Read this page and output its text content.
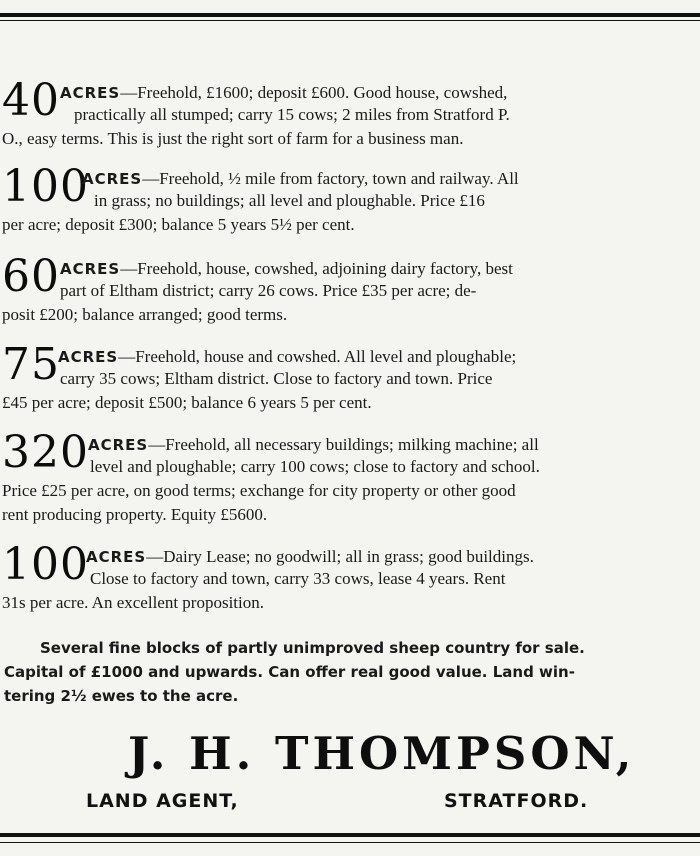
40 ACRES—Freehold, £1600; deposit £600. Good house, cowshed,
practically all stumped; carry 15 cows; 2 miles from Stratford P.
O., easy terms. This is just the right sort of farm for a business man.
100
ACRES—Freehold, ½ mile from factory, town and railway. All
in grass; no buildings; all level and ploughable. Price £16
per acre; deposit £300; balance 5 years 5½ per cent.
60 ACRES—Freehold, house, cowshed, adjoining dairy factory, best
part of Eltham district; carry 26 cows. Price £35 per acre; de-
posit £200; balance arranged; good terms.
75
ACRES—Freehold, house and cowshed. All level and ploughable;
carry 35 cows; Eltham district. Close to factory and town. Price
£45 per acre; deposit £500; balance 6 years 5 per cent.
320 ACRES—Freehold, all necessary buildings; milking machine; all
level and ploughable; carry 100 cows; close to factory and school.
Price £25 per acre, on good terms; exchange for city property or other good
rent producing property. Equity £5600.
100
ACRES—Dairy Lease; no goodwill; all in grass; good buildings.
Close to factory and town, carry 33 cows, lease 4 years. Rent
31s per acre. An excellent proposition.
Several fine blocks of partly unimproved sheep country for sale.
Capital of £1000 and upwards. Can offer real good value. Land win-
tering 2½ ewes to the acre.
J. H. THOMPSON,
LAND AGENT,	STRATFORD.
